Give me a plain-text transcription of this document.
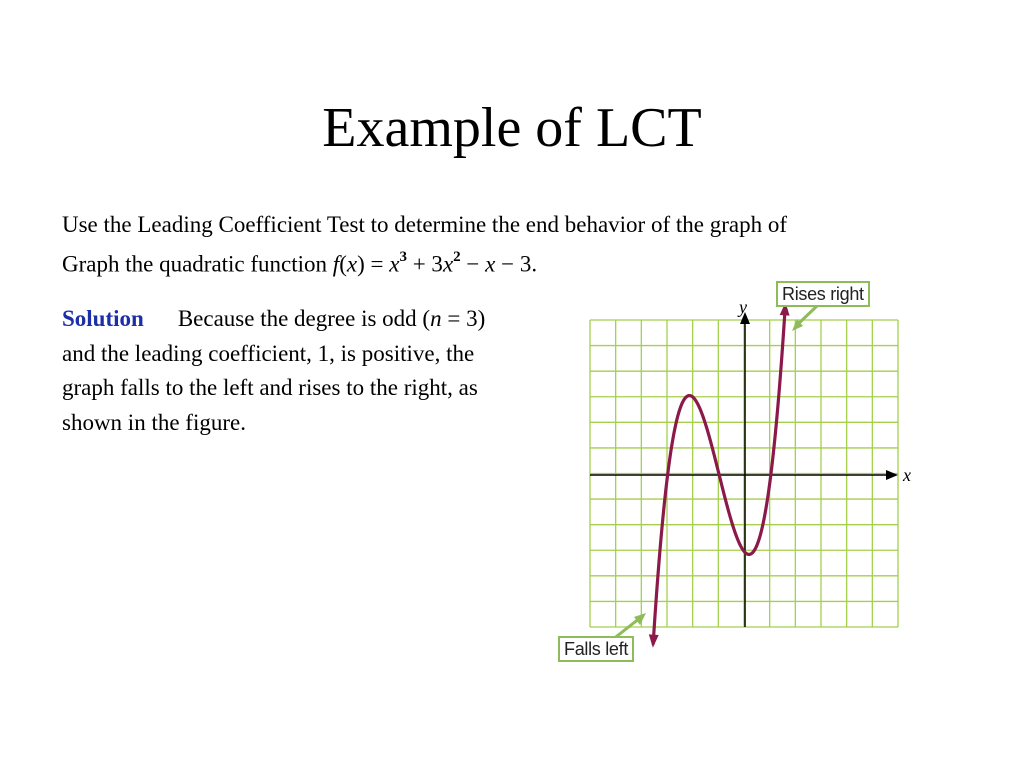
Example of LCT
Use the Leading Coefficient Test to determine the end behavior of the graph of
Graph the quadratic function $f(x) = x^3 + 3x^2 - x - 3$.
Solution Because the degree is odd (n = 3) and the leading coefficient, 1, is positive, the graph falls to the left and rises to the right, as shown in the figure.
x
y
Rises right
Falls left
